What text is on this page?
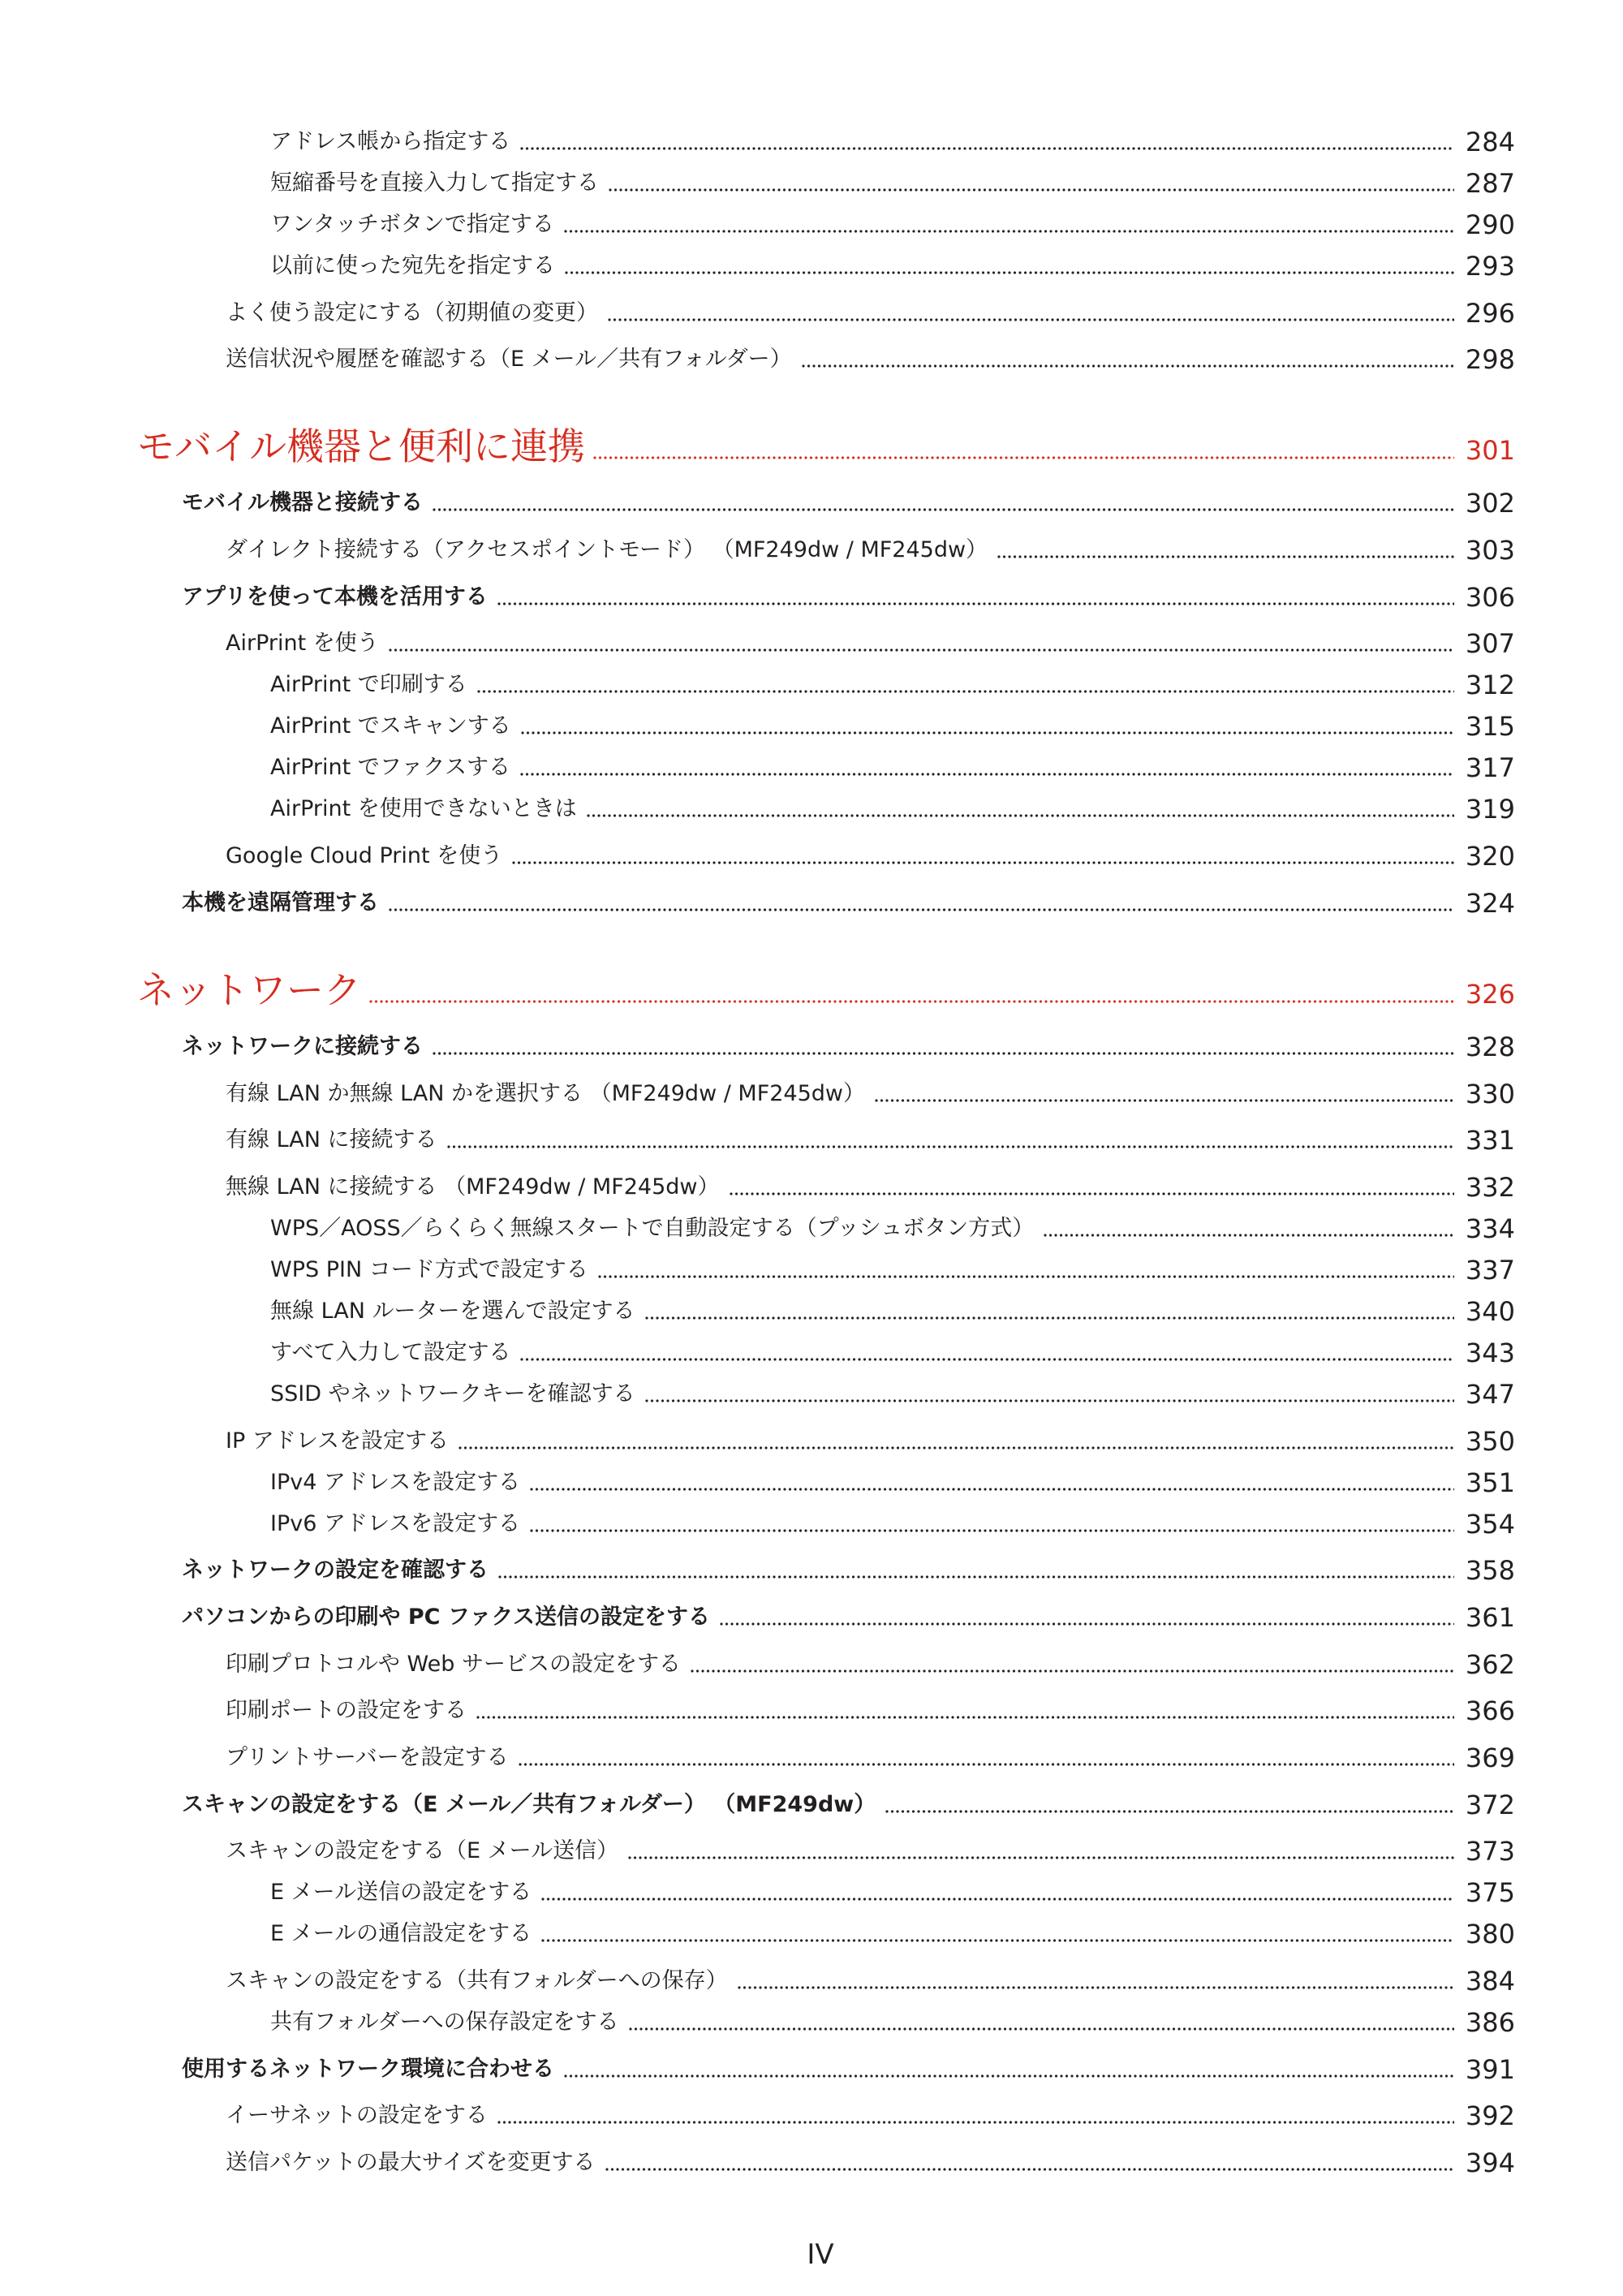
アドレス帳から指定する	284
短縮番号を直接入力して指定する	287
ワンタッチボタンで指定する	290
以前に使った宛先を指定する	293
よく使う設定にする（初期値の変更）	296
送信状況や履歴を確認する（E メール／共有フォルダー）	298
モバイル機器と便利に連携	301
モバイル機器と接続する	302
ダイレクト接続する（アクセスポイントモード） （MF249dw / MF245dw）	303
アプリを使って本機を活用する	306
AirPrint を使う	307
AirPrint で印刷する	312
AirPrint でスキャンする	315
AirPrint でファクスする	317
AirPrint を使用できないときは	319
Google Cloud Print を使う	320
本機を遠隔管理する	324
ネットワーク	326
ネットワークに接続する	328
有線 LAN か無線 LAN かを選択する （MF249dw / MF245dw）	330
有線 LAN に接続する	331
無線 LAN に接続する （MF249dw / MF245dw）	332
WPS／AOSS／らくらく無線スタートで自動設定する（プッシュボタン方式）	334
WPS PIN コード方式で設定する	337
無線 LAN ルーターを選んで設定する	340
すべて入力して設定する	343
SSID やネットワークキーを確認する	347
IP アドレスを設定する	350
IPv4 アドレスを設定する	351
IPv6 アドレスを設定する	354
ネットワークの設定を確認する	358
パソコンからの印刷や PC ファクス送信の設定をする	361
印刷プロトコルや Web サービスの設定をする	362
印刷ポートの設定をする	366
プリントサーバーを設定する	369
スキャンの設定をする（E メール／共有フォルダー） （MF249dw）	372
スキャンの設定をする（E メール送信）	373
E メール送信の設定をする	375
E メールの通信設定をする	380
スキャンの設定をする（共有フォルダーへの保存）	384
共有フォルダーへの保存設定をする	386
使用するネットワーク環境に合わせる	391
イーサネットの設定をする	392
送信パケットの最大サイズを変更する	394
IV
